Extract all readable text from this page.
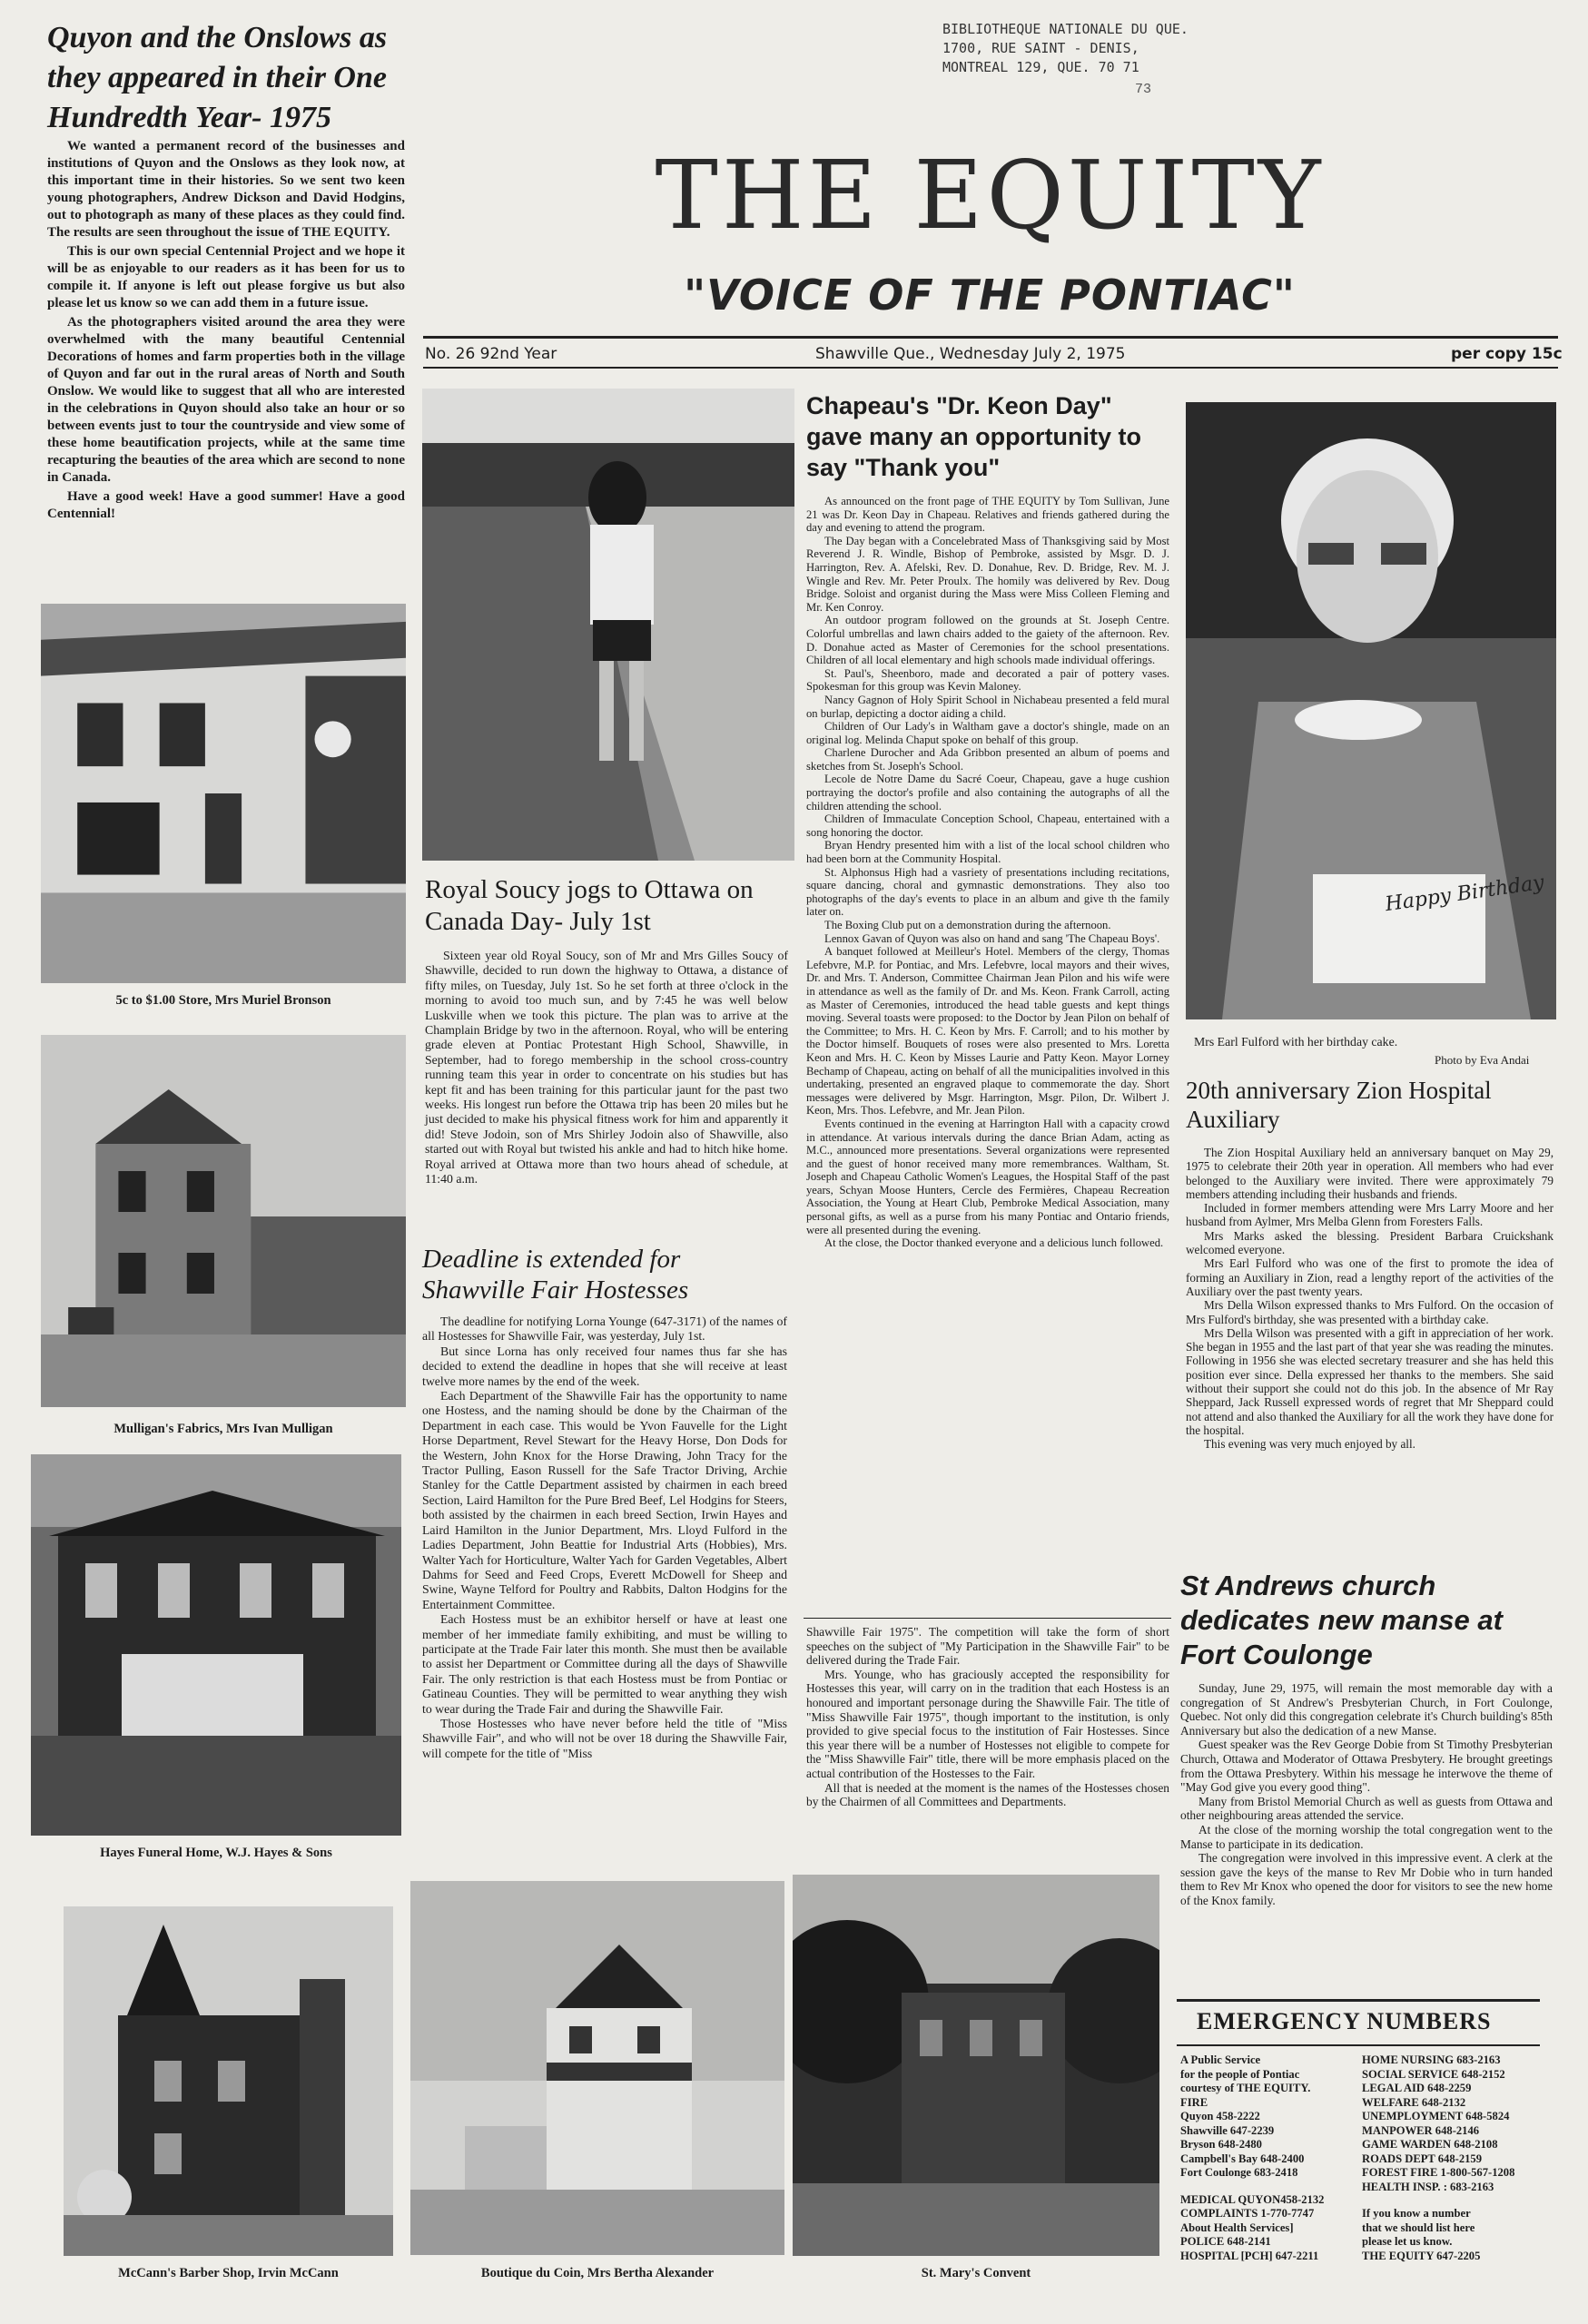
BIBLIOTHEQUE NATIONALE DU QUE.
1700, RUE SAINT - DENIS,
MONTREAL 129, QUE. 70 71
73
Quyon and the Onslows as they appeared in their One Hundredth Year- 1975

We wanted a permanent record of the businesses and institutions of Quyon and the Onslows as they look now, at this important time in their histories. So we sent two keen young photographers, Andrew Dickson and David Hodgins, out to photograph as many of these places as they could find. The results are seen throughout the issue of THE EQUITY.

This is our own special Centennial Project and we hope it will be as enjoyable to our readers as it has been for us to compile it. If anyone is left out please forgive us but also please let us know so we can add them in a future issue.

As the photographers visited around the area they were overwhelmed with the many beautiful Centennial Decorations of homes and farm properties both in the village of Quyon and far out in the rural areas of North and South Onslow. We would like to suggest that all who are interested in the celebrations in Quyon should also take an hour or so between events just to tour the countryside and view some of these home beautification projects, while at the same time recapturing the beauties of the area which are second to none in Canada.

Have a good week! Have a good summer! Have a good Centennial!

THE EQUITY
"VOICE OF THE PONTIAC"
No. 26 92nd Year	Shawville Que., Wednesday July 2, 1975	per copy 15c
5c to $1.00 Store, Mrs Muriel Bronson
Mulligan's Fabrics, Mrs Ivan Mulligan
Hayes Funeral Home, W.J. Hayes & Sons
McCann's Barber Shop, Irvin McCann	Boutique du Coin, Mrs Bertha Alexander	St. Mary's Convent
Royal Soucy jogs to Ottawa on Canada Day- July 1st

Sixteen year old Royal Soucy, son of Mr and Mrs Gilles Soucy of Shawville, decided to run down the highway to Ottawa, a distance of fifty miles, on Tuesday, July 1st. So he set forth at three o'clock in the morning to avoid too much sun, and by 7:45 he was well below Luskville when we took this picture. The plan was to arrive at the Champlain Bridge by two in the afternoon. Royal, who will be entering grade eleven at Pontiac Protestant High School, Shawville, in September, had to forego membership in the school cross-country running team this year in order to concentrate on his studies but has kept fit and has been training for this particular jaunt for the past two weeks. His longest run before the Ottawa trip has been 20 miles but he just decided to make his physical fitness work for him and apparently it did! Steve Jodoin, son of Mrs Shirley Jodoin also of Shawville, also started out with Royal but twisted his ankle and had to hitch hike home. Royal arrived at Ottawa more than two hours ahead of schedule, at 11:40 a.m.

Deadline is extended for Shawville Fair Hostesses

The deadline for notifying Lorna Younge (647-3171) of the names of all Hostesses for Shawville Fair, was yesterday, July 1st.

But since Lorna has only received four names thus far she has decided to extend the deadline in hopes that she will receive at least twelve more names by the end of the week.

Each Department of the Shawville Fair has the opportunity to name one Hostess, and the naming should be done by the Chairman of the Department in each case. This would be Yvon Fauvelle for the Light Horse Department, Revel Stewart for the Heavy Horse, Don Dods for the Western, John Knox for the Horse Drawing, John Tracy for the Tractor Pulling, Eason Russell for the Safe Tractor Driving, Archie Stanley for the Cattle Department assisted by chairmen in each breed Section, Laird Hamilton for the Pure Bred Beef, Lel Hodgins for Steers, both assisted by the chairmen in each breed Section, Irwin Hayes and Laird Hamilton in the Junior Department, Mrs. Lloyd Fulford in the Ladies Department, John Beattie for Industrial Arts (Hobbies), Mrs. Walter Yach for Horticulture, Walter Yach for Garden Vegetables, Albert Dahms for Seed and Feed Crops, Everett McDowell for Sheep and Swine, Wayne Telford for Poultry and Rabbits, Dalton Hodgins for the Entertainment Committee.

Each Hostess must be an exhibitor herself or have at least one member of her immediate family exhibiting, and must be willing to participate at the Trade Fair later this month. She must then be available to assist her Department or Committee during all the days of Shawville Fair. The only restriction is that each Hostess must be from Pontiac or Gatineau Counties. They will be permitted to wear anything they wish to wear during the Trade Fair and during the Shawville Fair.

Those Hostesses who have never before held the title of "Miss Shawville Fair", and who will not be over 18 during the Shawville Fair, will compete for the title of "Miss

Chapeau's "Dr. Keon Day" gave many an opportunity to say "Thank you"

As announced on the front page of THE EQUITY by Tom Sullivan, June 21 was Dr. Keon Day in Chapeau. Relatives and friends gathered during the day and evening to attend the program.

The Day began with a Concelebrated Mass of Thanksgiving said by Most Reverend J. R. Windle, Bishop of Pembroke, assisted by Msgr. D. J. Harrington, Rev. A. Afelski, Rev. D. Donahue, Rev. D. Bridge, Rev. M. J. Wingle and Rev. Mr. Peter Proulx. The homily was delivered by Rev. Doug Bridge. Soloist and organist during the Mass were Miss Colleen Fleming and Mr. Ken Conroy.

An outdoor program followed on the grounds at St. Joseph Centre. Colorful umbrellas and lawn chairs added to the gaiety of the afternoon. Rev. D. Donahue acted as Master of Ceremonies for the school presentations. Children of all local elementary and high schools made individual offerings.

St. Paul's, Sheenboro, made and decorated a pair of pottery vases. Spokesman for this group was Kevin Maloney.

Nancy Gagnon of Holy Spirit School in Nichabeau presented a feld mural on burlap, depicting a doctor aiding a child.

Children of Our Lady's in Waltham gave a doctor's shingle, made on an original log. Melinda Chaput spoke on behalf of this group.

Charlene Durocher and Ada Gribbon presented an album of poems and sketches from St. Joseph's School.

Lecole de Notre Dame du Sacré Coeur, Chapeau, gave a huge cushion portraying the doctor's profile and also containing the autographs of all the children attending the school.

Children of Immaculate Conception School, Chapeau, entertained with a song honoring the doctor.

Bryan Hendry presented him with a list of the local school children who had been born at the Community Hospital.

St. Alphonsus High had a vasriety of presentations including recitations, square dancing, choral and gymnastic demonstrations. They also too photographs of the day's events to place in an album and give th the family later on.

The Boxing Club put on a demonstration during the afternoon.

Lennox Gavan of Quyon was also on hand and sang 'The Chapeau Boys'.

A banquet followed at Meilleur's Hotel. Members of the clergy, Thomas Lefebvre, M.P. for Pontiac, and Mrs. Lefebvre, local mayors and their wives, Dr. and Mrs. T. Anderson, Committee Chairman Jean Pilon and his wife were in attendance as well as the family of Dr. and Ms. Keon. Frank Carroll, acting as Master of Ceremonies, introduced the head table guests and kept things moving. Several toasts were proposed: to the Doctor by Jean Pilon on behalf of the Committee; to Mrs. H. C. Keon by Mrs. F. Carroll; and to his mother by the Doctor himself. Bouquets of roses were also presented to Mrs. Loretta Keon and Mrs. H. C. Keon by Misses Laurie and Patty Keon. Mayor Lorney Bechamp of Chapeau, acting on behalf of all the municipalities involved in this undertaking, presented an engraved plaque to commemorate the day. Short messages were delivered by Msgr. Harrington, Msgr. Pilon, Dr. Wilbert J. Keon, Mrs. Thos. Lefebvre, and Mr. Jean Pilon.

Events continued in the evening at Harrington Hall with a capacity crowd in attendance. At various intervals during the dance Brian Adam, acting as M.C., announced more presentations. Several organizations were represented and the guest of honor received many more remembrances. Waltham, St. Joseph and Chapeau Catholic Women's Leagues, the Hospital Staff of the past years, Schyan Moose Hunters, Cercle des Fermières, Chapeau Recreation Association, the Young at Heart Club, Pembroke Medical Association, many personal gifts, as well as a purse from his many Pontiac and Ontario friends, were all presented during the evening.

At the close, the Doctor thanked everyone and a delicious lunch followed.

Shawville Fair 1975". The competition will take the form of short speeches on the subject of "My Participation in the Shawville Fair" to be delivered during the Trade Fair.

Mrs. Younge, who has graciously accepted the responsibility for Hostesses this year, will carry on in the tradition that each Hostess is an honoured and important personage during the Shawville Fair. The title of "Miss Shawville Fair 1975", though important to the institution, is only provided to give special focus to the institution of Fair Hostesses. Since this year there will be a number of Hostesses not eligible to compete for the "Miss Shawville Fair" title, there will be more emphasis placed on the actual contribution of the Hostesses to the Fair.

All that is needed at the moment is the names of the Hostesses chosen by the Chairmen of all Committees and Departments.

Happy Birthday
Mrs Earl Fulford with her birthday cake.
Photo by Eva Andai
20th anniversary Zion Hospital Auxiliary

The Zion Hospital Auxiliary held an anniversary banquet on May 29, 1975 to celebrate their 20th year in operation. All members who had ever belonged to the Auxiliary were invited. There were approximately 79 members attending including their husbands and friends.

Included in former members attending were Mrs Larry Moore and her husband from Aylmer, Mrs Melba Glenn from Foresters Falls.

Mrs Marks asked the blessing. President Barbara Cruickshank welcomed everyone.

Mrs Earl Fulford who was one of the first to promote the idea of forming an Auxiliary in Zion, read a lengthy report of the activities of the Auxiliary over the past twenty years.

Mrs Della Wilson expressed thanks to Mrs Fulford. On the occasion of Mrs Fulford's birthday, she was presented with a birthday cake.

Mrs Della Wilson was presented with a gift in appreciation of her work. She began in 1955 and the last part of that year she was reading the minutes. Following in 1956 she was elected secretary treasurer and she has held this position ever since. Della expressed her thanks to the members. She said without their support she could not do this job. In the absence of Mr Ray Sheppard, Jack Russell expressed words of regret that Mr Sheppard could not attend and also thanked the Auxiliary for all the work they have done for the hospital.

This evening was very much enjoyed by all.

St Andrews church dedicates new manse at Fort Coulonge

Sunday, June 29, 1975, will remain the most memorable day with a congregation of St Andrew's Presbyterian Church, in Fort Coulonge, Quebec. Not only did this congregation celebrate it's Church building's 85th Anniversary but also the dedication of a new Manse.

Guest speaker was the Rev George Dobie from St Timothy Presbyterian Church, Ottawa and Moderator of Ottawa Presbytery. He brought greetings from the Ottawa Presbytery. Within his message he interwove the theme of "May God give you every good thing".

Many from Bristol Memorial Church as well as guests from Ottawa and other neighbouring areas attended the service.

At the close of the morning worship the total congregation went to the Manse to participate in its dedication.

The congregation were involved in this impressive event. A clerk at the session gave the keys of the manse to Rev Mr Dobie who in turn handed them to Rev Mr Knox who opened the door for visitors to see the new home of the Knox family.

EMERGENCY NUMBERS
A Public Service
for the people of Pontiac
courtesy of THE EQUITY.
FIRE
Quyon 458-2222
Shawville 647-2239
Bryson 648-2480
Campbell's Bay 648-2400
Fort Coulonge 683-2418
MEDICAL QUYON458-2132
COMPLAINTS 1-770-7747
About Health Services]
POLICE 648-2141
HOSPITAL [PCH] 647-2211
HOME NURSING 683-2163
SOCIAL SERVICE 648-2152
LEGAL AID 648-2259
WELFARE 648-2132
UNEMPLOYMENT 648-5824
MANPOWER 648-2146
GAME WARDEN 648-2108
ROADS DEPT 648-2159
FOREST FIRE 1-800-567-1208
HEALTH INSP. : 683-2163
If you know a number
that we should list here
please let us know.
THE EQUITY 647-2205
